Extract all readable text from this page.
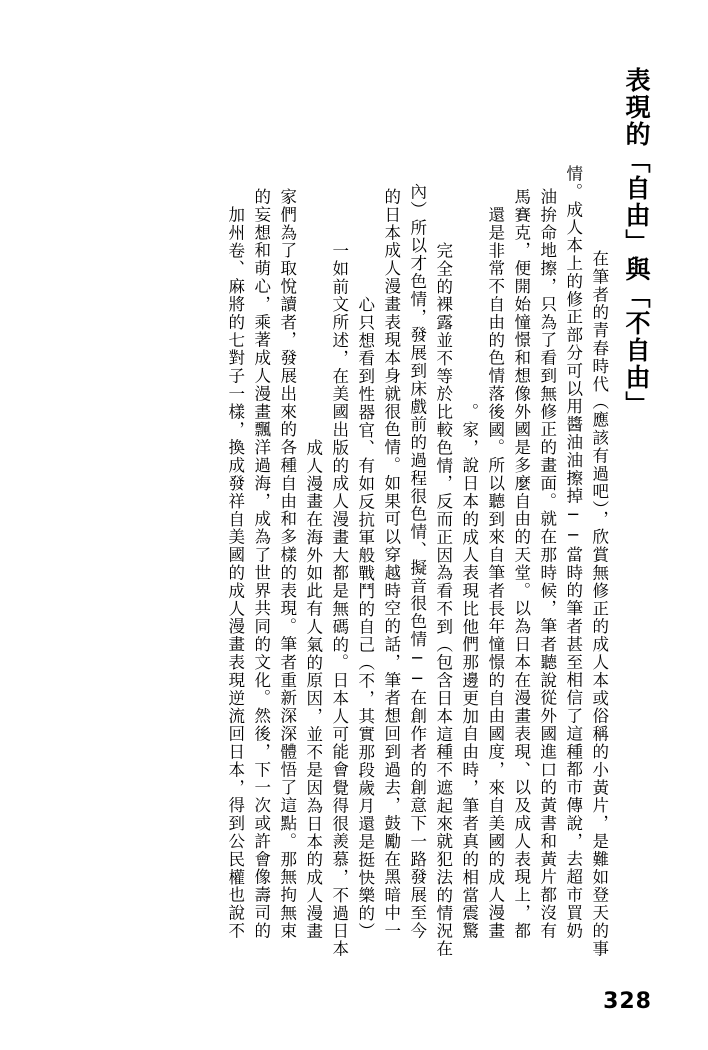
表現的「自由」與「不自由」
在筆者的青春時代（應該有過吧），欣賞無修正的成人本或俗稱的小黃片，是難如登天的事
情。成人本上的修正部分可以用醬油油擦掉──當時的筆者甚至相信了這種都市傳說，去超市買奶
油拚命地擦，只為了看到無修正的畫面。就在那時候，筆者聽說從外國進口的黃書和黃片都沒有
馬賽克，便開始憧憬和想像外國是多麼自由的天堂。以為日本在漫畫表現、以及成人表現上，都
還是非常不自由的色情落後國。所以聽到來自筆者長年憧憬的自由國度，來自美國的成人漫畫
家，說日本的成人表現比他們那邊更加自由時，筆者真的相當震驚。
完全的裸露並不等於比較色情，反而正因為看不到（包含日本這種不遮起來就犯法的情況在
內）所以才色情，發展到床戲前的過程很色情、擬音很色情──在創作者的創意下一路發展至今
的日本成人漫畫表現本身就很色情。如果可以穿越時空的話，筆者想回到過去，鼓勵在黑暗中一
心只想看到性器官、有如反抗軍般戰鬥的自己（不，其實那段歲月還是挺快樂的）
一如前文所述，在美國出版的成人漫畫大都是無碼的。日本人可能會覺得很羨慕，不過日本
成人漫畫在海外如此有人氣的原因，並不是因為日本的成人漫畫
家們為了取悅讀者，發展出來的各種自由和多樣的表現。筆者重新深深體悟了這點。那無拘無束
的妄想和萌心，乘著成人漫畫飄洋過海，成為了世界共同的文化。然後，下一次或許會像壽司的
加州卷、麻將的七對子一樣，換成發祥自美國的成人漫畫表現逆流回日本，得到公民權也說不
328
